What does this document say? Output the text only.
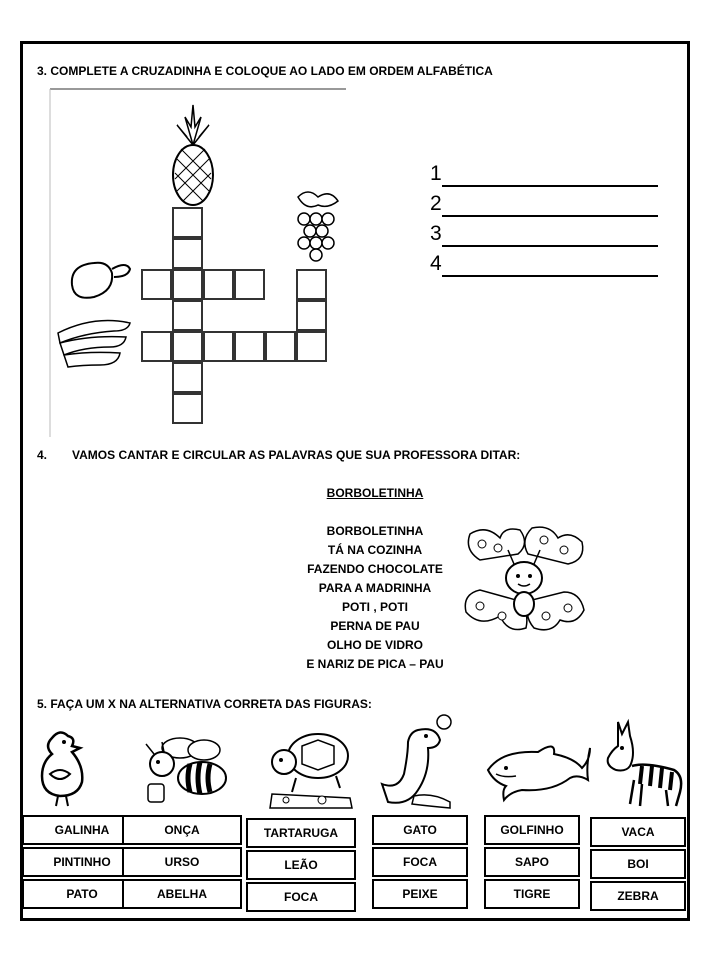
3. COMPLETE A CRUZADINHA E COLOQUE AO LADO EM ORDEM ALFABÉTICA
1
2
3
4
4. VAMOS CANTAR E CIRCULAR AS PALAVRAS QUE SUA PROFESSORA DITAR:
BORBOLETINHA
BORBOLETINHA
TÁ NA COZINHA
FAZENDO CHOCOLATE
PARA A MADRINHA
POTI , POTI
PERNA DE PAU
OLHO DE VIDRO
E NARIZ DE PICA – PAU
5. FAÇA UM X NA ALTERNATIVA CORRETA DAS FIGURAS:
GALINHA
PINTINHO
PATO
ONÇA
URSO
ABELHA
TARTARUGA
LEÃO
FOCA
GATO
FOCA
PEIXE
GOLFINHO
SAPO
TIGRE
VACA
BOI
ZEBRA
